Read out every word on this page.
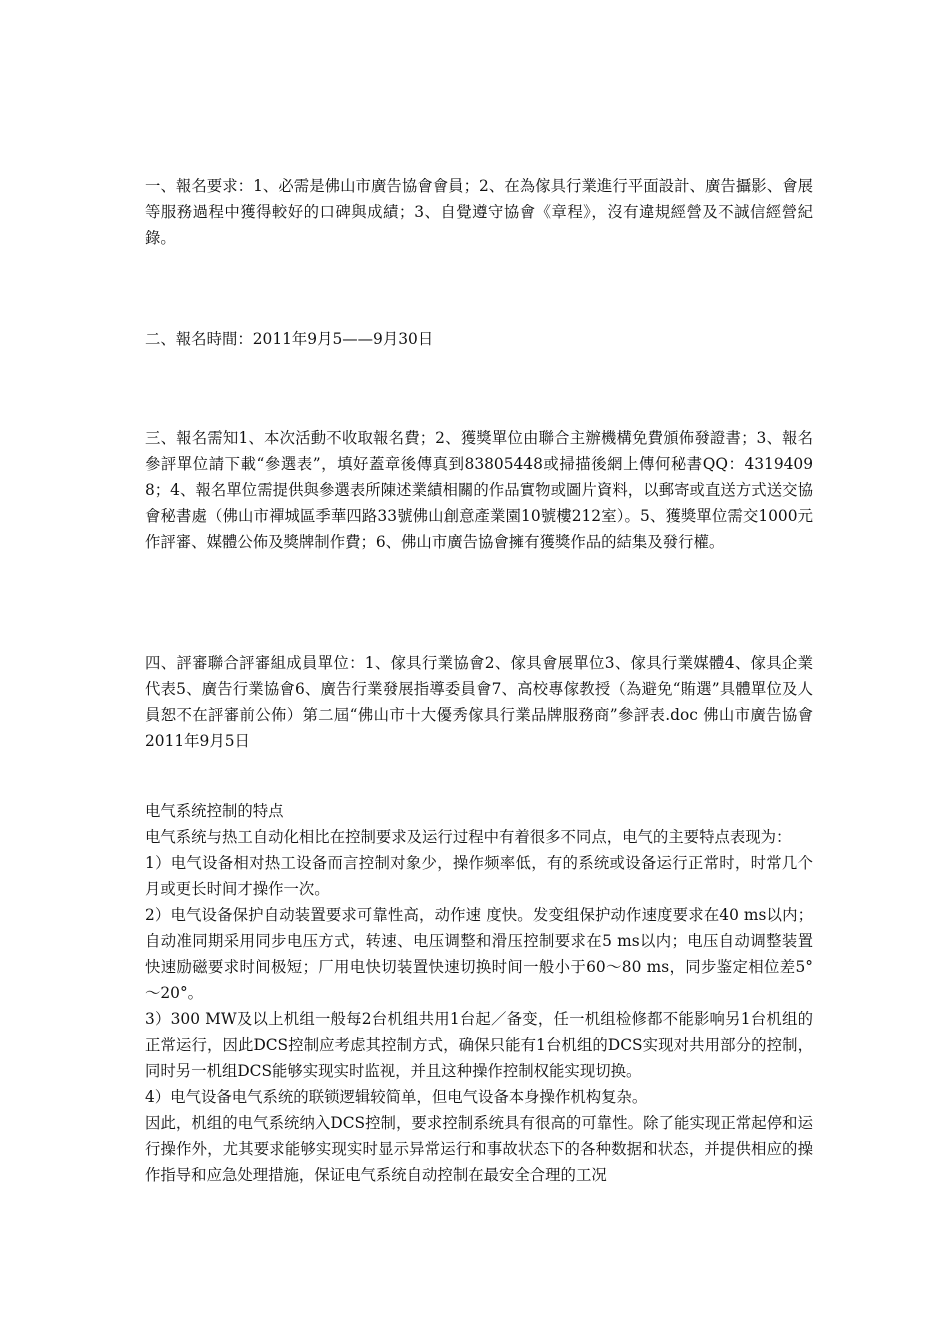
一、報名要求：1、必需是佛山市廣告協會會員；2、在為傢具行業進行平面設計、廣告攝影、會展等服務過程中獲得較好的口碑與成績；3、自覺遵守協會《章程》，沒有違規經營及不誠信經營紀錄。

二、報名時間：2011年9月5——9月30日

三、報名需知1、本次活動不收取報名費；2、獲獎單位由聯合主辦機構免費頒佈發證書；3、報名參評單位請下載“參選表”，填好蓋章後傳真到83805448或掃描後網上傳何秘書QQ：43194098；4、報名單位需提供與參選表所陳述業績相關的作品實物或圖片資料，以郵寄或直送方式送交協會秘書處（佛山市禪城區季華四路33號佛山創意產業園10號樓212室）。5、獲獎單位需交1000元作評審、媒體公佈及獎牌制作費；6、佛山市廣告協會擁有獲獎作品的結集及發行權。

四、評審聯合評審組成員單位：1、傢具行業協會2、傢具會展單位3、傢具行業媒體4、傢具企業代表5、廣告行業協會6、廣告行業發展指導委員會7、高校專傢教授（為避免“賄選”具體單位及人員恕不在評審前公佈）第二屆“佛山市十大優秀傢具行業品牌服務商”參評表.doc 佛山市廣告協會 2011年9月5日

电气系统控制的特点

电气系统与热工自动化相比在控制要求及运行过程中有着很多不同点，电气的主要特点表现为：

1）电气设备相对热工设备而言控制对象少，操作频率低，有的系统或设备运行正常时，时常几个月或更长时间才操作一次。

2）电气设备保护自动装置要求可靠性高，动作速 度快。发变组保护动作速度要求在40 ms以内；自动准同期采用同步电压方式，转速、电压调整和滑压控制要求在5 ms以内；电压自动调整装置快速励磁要求时间极短；厂用电快切装置快速切换时间一般小于60～80 ms，同步鉴定相位差5°～20°。

3）300 MW及以上机组一般每2台机组共用1台起／备变，任一机组检修都不能影响另1台机组的正常运行，因此DCS控制应考虑其控制方式，确保只能有1台机组的DCS实现对共用部分的控制，同时另一机组DCS能够实现实时监视，并且这种操作控制权能实现切换。

4）电气设备电气系统的联锁逻辑较简单，但电气设备本身操作机构复杂。

因此，机组的电气系统纳入DCS控制，要求控制系统具有很高的可靠性。除了能实现正常起停和运行操作外，尤其要求能够实现实时显示异常运行和事故状态下的各种数据和状态，并提供相应的操作指导和应急处理措施，保证电气系统自动控制在最安全合理的工况
